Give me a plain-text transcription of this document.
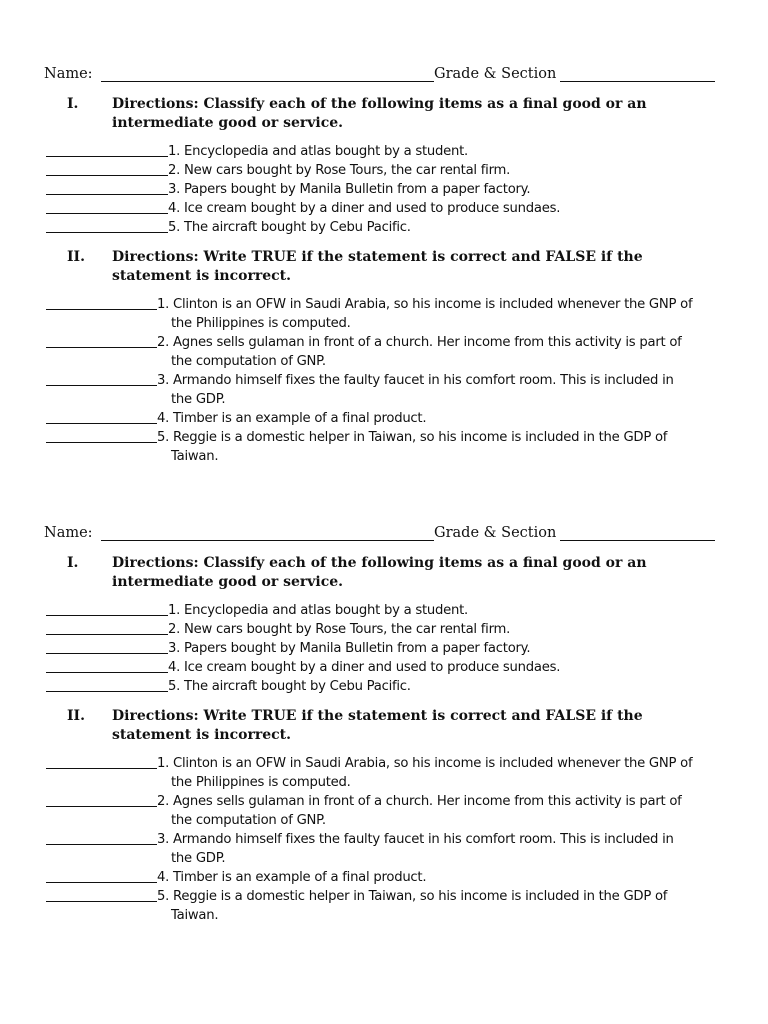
Name:	Grade & Section
I. Directions: Classify each of the following items as a final good or an intermediate good or service.
1. Encyclopedia and atlas bought by a student.
2. New cars bought by Rose Tours, the car rental firm.
3. Papers bought by Manila Bulletin from a paper factory.
4. Ice cream bought by a diner and used to produce sundaes.
5. The aircraft bought by Cebu Pacific.
II. Directions: Write TRUE if the statement is correct and FALSE if the statement is incorrect.
1. Clinton is an OFW in Saudi Arabia, so his income is included whenever the GNP of
the Philippines is computed.
2. Agnes sells gulaman in front of a church. Her income from this activity is part of
the computation of GNP.
3. Armando himself fixes the faulty faucet in his comfort room. This is included in
the GDP.
4. Timber is an example of a final product.
5. Reggie is a domestic helper in Taiwan, so his income is included in the GDP of
Taiwan.
Name:	Grade & Section
I. Directions: Classify each of the following items as a final good or an intermediate good or service.
1. Encyclopedia and atlas bought by a student.
2. New cars bought by Rose Tours, the car rental firm.
3. Papers bought by Manila Bulletin from a paper factory.
4. Ice cream bought by a diner and used to produce sundaes.
5. The aircraft bought by Cebu Pacific.
II. Directions: Write TRUE if the statement is correct and FALSE if the statement is incorrect.
1. Clinton is an OFW in Saudi Arabia, so his income is included whenever the GNP of
the Philippines is computed.
2. Agnes sells gulaman in front of a church. Her income from this activity is part of
the computation of GNP.
3. Armando himself fixes the faulty faucet in his comfort room. This is included in
the GDP.
4. Timber is an example of a final product.
5. Reggie is a domestic helper in Taiwan, so his income is included in the GDP of
Taiwan.
